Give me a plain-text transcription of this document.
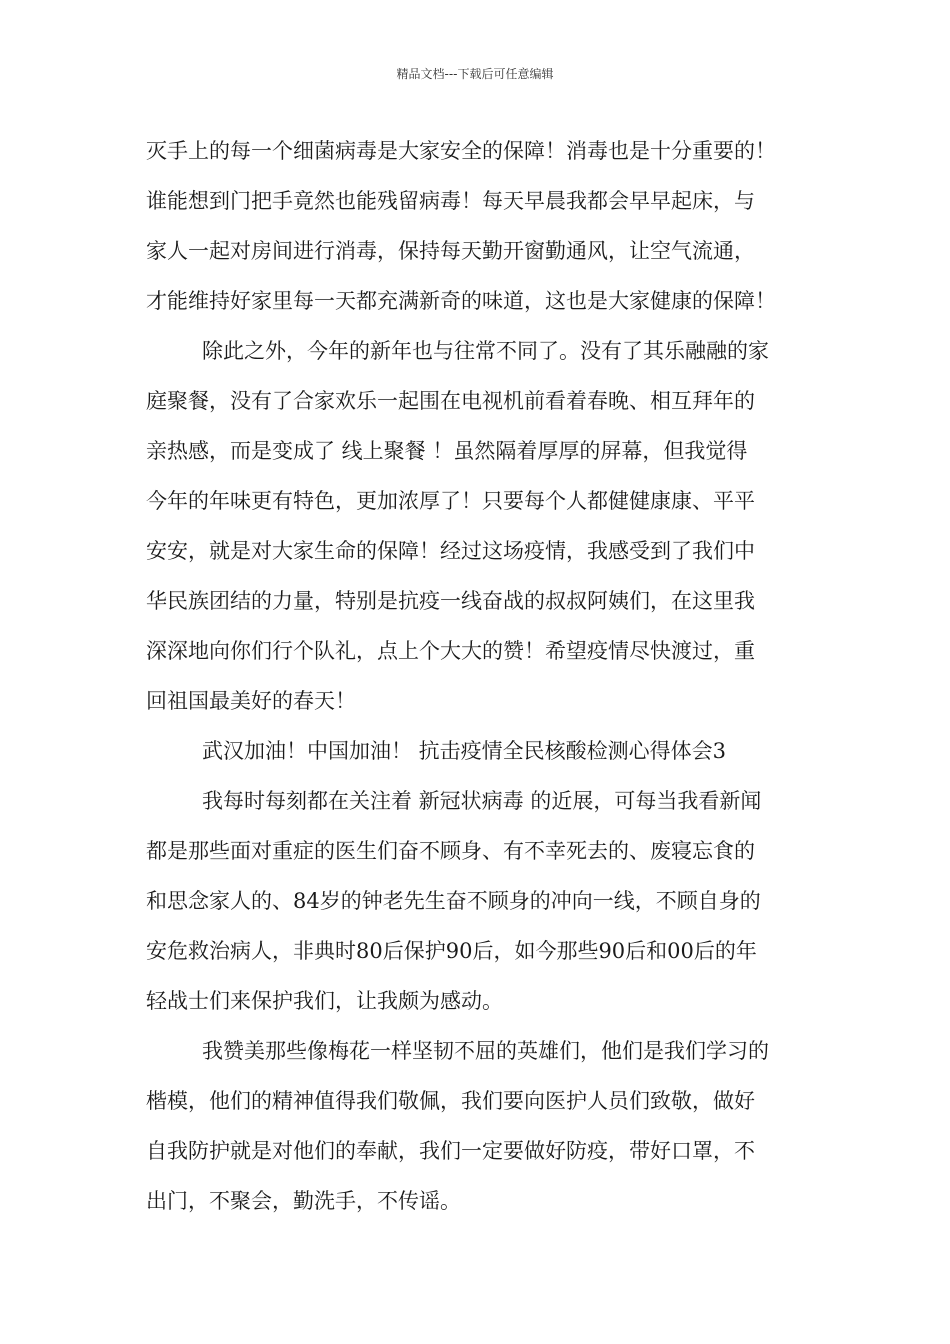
精品文档---下载后可任意编辑
灭手上的每一个细菌病毒是大家安全的保障！消毒也是十分重要的！
谁能想到门把手竟然也能残留病毒！每天早晨我都会早早起床，与
家人一起对房间进行消毒，保持每天勤开窗勤通风，让空气流通，
才能维持好家里每一天都充满新奇的味道，这也是大家健康的保障！
除此之外，今年的新年也与往常不同了。没有了其乐融融的家
庭聚餐，没有了合家欢乐一起围在电视机前看着春晚、相互拜年的
亲热感，而是变成了 线上聚餐 ！虽然隔着厚厚的屏幕，但我觉得
今年的年味更有特色，更加浓厚了！只要每个人都健健康康、平平
安安，就是对大家生命的保障！经过这场疫情，我感受到了我们中
华民族团结的力量，特别是抗疫一线奋战的叔叔阿姨们，在这里我
深深地向你们行个队礼，点上个大大的赞！希望疫情尽快渡过，重
回祖国最美好的春天！
武汉加油！中国加油！ 抗击疫情全民核酸检测心得体会3
我每时每刻都在关注着 新冠状病毒 的近展，可每当我看新闻
都是那些面对重症的医生们奋不顾身、有不幸死去的、废寝忘食的
和思念家人的、84岁的钟老先生奋不顾身的冲向一线，不顾自身的
安危救治病人，非典时80后保护90后，如今那些90后和00后的年
轻战士们来保护我们，让我颇为感动。
我赞美那些像梅花一样坚韧不屈的英雄们，他们是我们学习的
楷模，他们的精神值得我们敬佩，我们要向医护人员们致敬，做好
自我防护就是对他们的奉献，我们一定要做好防疫，带好口罩，不
出门，不聚会，勤洗手，不传谣。
